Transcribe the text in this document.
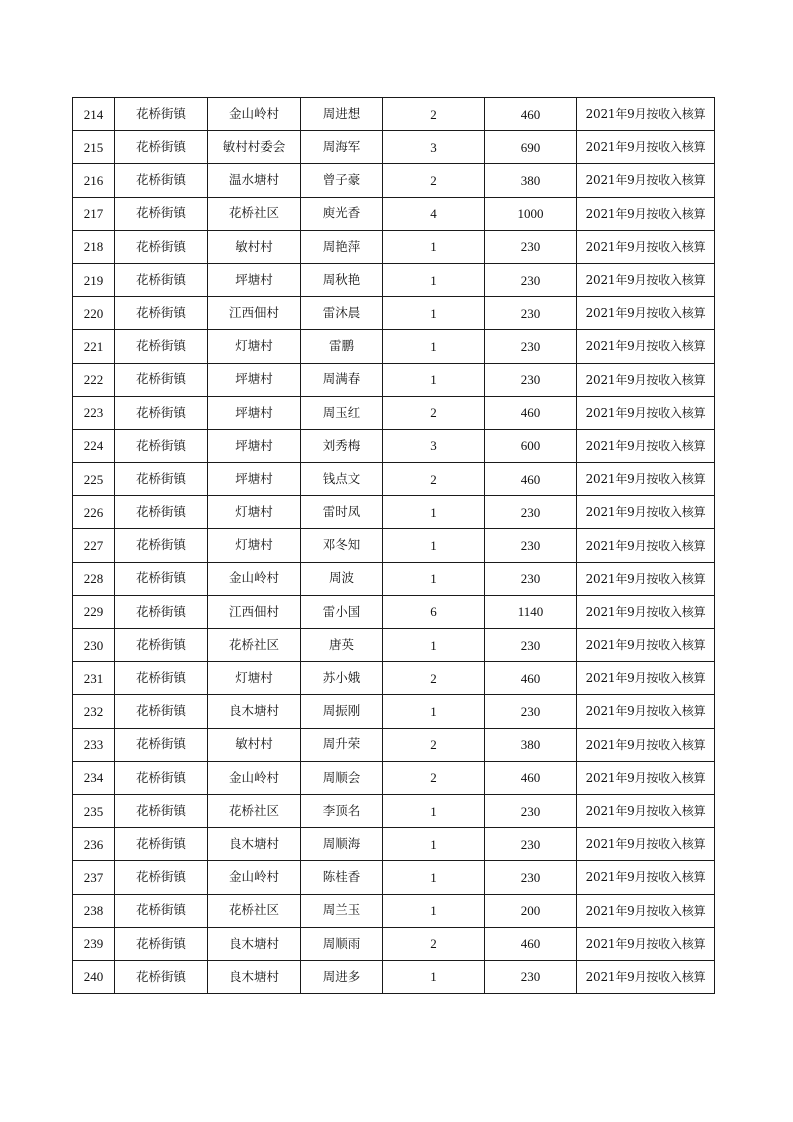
214	花桥街镇	金山岭村	周进想	2	460	2021年9月按收入核算
215	花桥街镇	敏村村委会	周海军	3	690	2021年9月按收入核算
216	花桥街镇	温水塘村	曾子豪	2	380	2021年9月按收入核算
217	花桥街镇	花桥社区	庾光香	4	1000	2021年9月按收入核算
218	花桥街镇	敏村村	周艳萍	1	230	2021年9月按收入核算
219	花桥街镇	坪塘村	周秋艳	1	230	2021年9月按收入核算
220	花桥街镇	江西佃村	雷沐晨	1	230	2021年9月按收入核算
221	花桥街镇	灯塘村	雷鹏	1	230	2021年9月按收入核算
222	花桥街镇	坪塘村	周满春	1	230	2021年9月按收入核算
223	花桥街镇	坪塘村	周玉红	2	460	2021年9月按收入核算
224	花桥街镇	坪塘村	刘秀梅	3	600	2021年9月按收入核算
225	花桥街镇	坪塘村	钱点文	2	460	2021年9月按收入核算
226	花桥街镇	灯塘村	雷时凤	1	230	2021年9月按收入核算
227	花桥街镇	灯塘村	邓冬知	1	230	2021年9月按收入核算
228	花桥街镇	金山岭村	周波	1	230	2021年9月按收入核算
229	花桥街镇	江西佃村	雷小国	6	1140	2021年9月按收入核算
230	花桥街镇	花桥社区	唐英	1	230	2021年9月按收入核算
231	花桥街镇	灯塘村	苏小娥	2	460	2021年9月按收入核算
232	花桥街镇	良木塘村	周振刚	1	230	2021年9月按收入核算
233	花桥街镇	敏村村	周升荣	2	380	2021年9月按收入核算
234	花桥街镇	金山岭村	周顺会	2	460	2021年9月按收入核算
235	花桥街镇	花桥社区	李顶名	1	230	2021年9月按收入核算
236	花桥街镇	良木塘村	周顺海	1	230	2021年9月按收入核算
237	花桥街镇	金山岭村	陈桂香	1	230	2021年9月按收入核算
238	花桥街镇	花桥社区	周兰玉	1	200	2021年9月按收入核算
239	花桥街镇	良木塘村	周顺雨	2	460	2021年9月按收入核算
240	花桥街镇	良木塘村	周进多	1	230	2021年9月按收入核算
